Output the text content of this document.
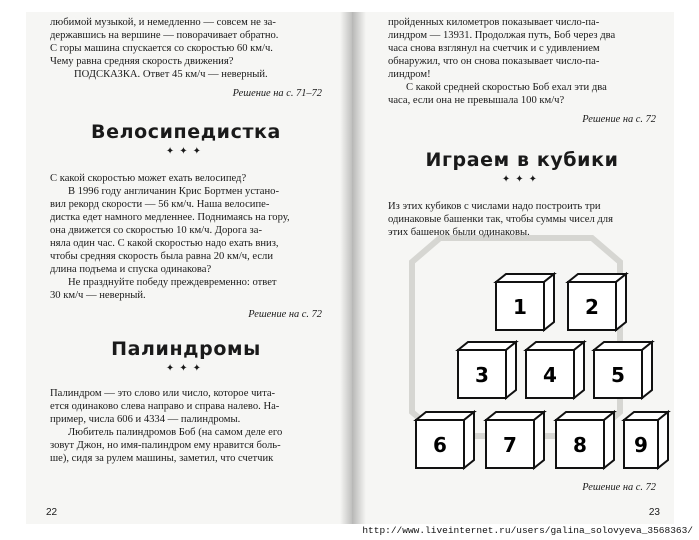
любимой музыкой, и немедленно — совсем не за-

державшись на вершине — поворачивает обратно.

С горы машина спускается со скоростью 60 км/ч.

Чему равна средняя скорость движения?

ПОДСКАЗКА. Ответ 45 км/ч — неверный.

Решение на с. 71–72
Велосипедистка
✦✦✦

С какой скоростью может ехать велосипед?

В 1996 году англичанин Крис Бортмен устано-

вил рекорд скорости — 56 км/ч. Наша велосипе-

дистка едет намного медленнее. Поднимаясь на гору,

она движется со скоростью 10 км/ч. Дорога за-

няла один час. С какой скоростью надо ехать вниз,

чтобы средняя скорость была равна 20 км/ч, если

длина подъема и спуска одинакова?

Не празднуйте победу преждевременно: ответ

30 км/ч — неверный.

Решение на с. 72
Палиндромы
✦✦✦

Палиндром — это слово или число, которое чита-

ется одинаково слева направо и справа налево. На-

пример, числа 606 и 4334 — палиндромы.

Любитель палиндромов Боб (на самом деле его

зовут Джон, но имя-палиндром ему нравится боль-

ше), сидя за рулем машины, заметил, что счетчик

22
1	2
3	4	5
6	7	8 9

пройденных километров показывает число-па-

линдром — 13931. Продолжая путь, Боб через два

часа снова взглянул на счетчик и с удивлением

обнаружил, что он снова показывает число-па-

линдром!

С какой средней скоростью Боб ехал эти два

часа, если она не превышала 100 км/ч?

Решение на с. 72
Играем в кубики
✦✦✦

Из этих кубиков с числами надо построить три

одинаковые башенки так, чтобы суммы чисел для

этих башенок были одинаковы.

Решение на с. 72
23
http://www.liveinternet.ru/users/galina_solovyeva_3568363/
